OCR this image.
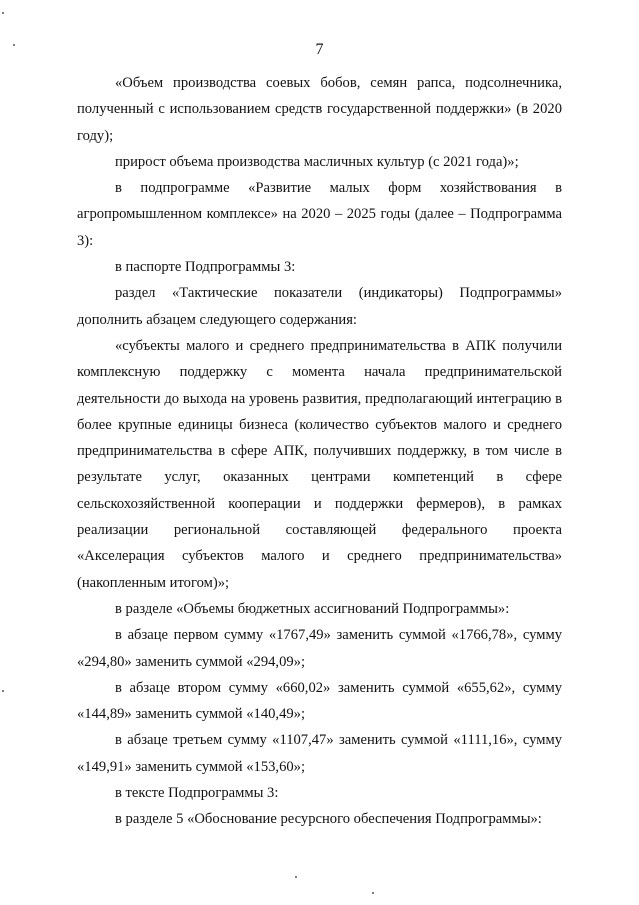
7

«Объем производства соевых бобов, семян рапса, подсолнечника, полученный с использованием средств государственной поддержки» (в 2020 году);

прирост объема производства масличных культур (с 2021 года)»;

в подпрограмме «Развитие малых форм хозяйствования в агропромышленном комплексе» на 2020 – 2025 годы (далее – Подпрограмма 3):

в паспорте Подпрограммы 3:

раздел «Тактические показатели (индикаторы) Подпрограммы» дополнить абзацем следующего содержания:

«субъекты малого и среднего предпринимательства в АПК получили комплексную поддержку с момента начала предпринимательской деятельности до выхода на уровень развития, предполагающий интеграцию в более крупные единицы бизнеса (количество субъектов малого и среднего предпринимательства в сфере АПК, получивших поддержку, в том числе в результате услуг, оказанных центрами компетенций в сфере сельскохозяйственной кооперации и поддержки фермеров), в рамках реализации региональной составляющей федерального проекта «Акселерация субъектов малого и среднего предпринимательства» (накопленным итогом)»;

в разделе «Объемы бюджетных ассигнований Подпрограммы»:

в абзаце первом сумму «1767,49» заменить суммой «1766,78», сумму «294,80» заменить суммой «294,09»;

в абзаце втором сумму «660,02» заменить суммой «655,62», сумму «144,89» заменить суммой «140,49»;

в абзаце третьем сумму «1107,47» заменить суммой «1111,16», сумму «149,91» заменить суммой «153,60»;

в тексте Подпрограммы 3:

в разделе 5 «Обоснование ресурсного обеспечения Подпрограммы»:
